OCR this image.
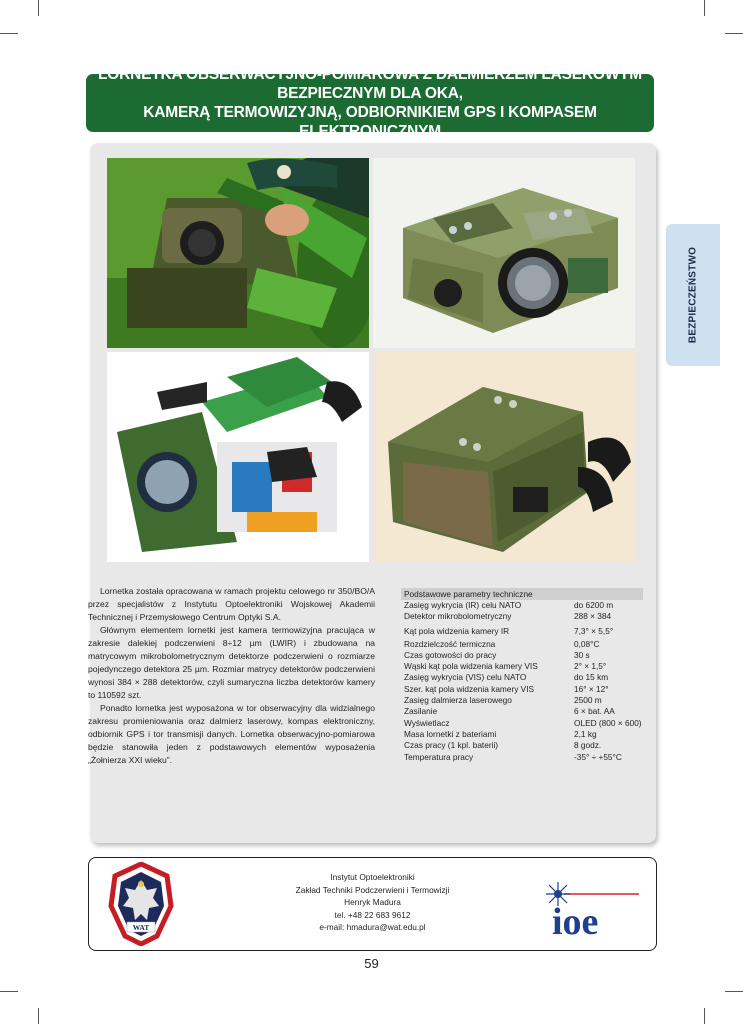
LORNETKA OBSERWACYJNO-POMIAROWA Z DALMIERZEM LASEROWYM BEZPIECZNYM DLA OKA,
KAMERĄ TERMOWIZYJNĄ, ODBIORNIKIEM GPS I KOMPASEM ELEKTRONICZNYM
BEZPIECZEŃSTWO

Lornetka została opracowana w ramach projektu celowego nr 350/BO/A przez specjalistów z Instytutu Optoelektroniki Wojskowej Akademii Technicznej i Przemysłowego Centrum Optyki S.A.

Głównym elementem lornetki jest kamera termowizyjna pracująca w zakresie dalekiej podczerwieni 8÷12 µm (LWIR) i zbudowana na matrycowym mikrobolometrycznym detektorze podczerwieni o rozmiarze pojedynczego detektora 25 µm. Rozmiar matrycy detektorów podczerwieni wynosi 384 × 288 detektorów, czyli sumaryczna liczba detektorów kamery to 110592 szt.

Ponadto lornetka jest wyposażona w tor obserwacyjny dla widzialnego zakresu promieniowania oraz dalmierz laserowy, kompas elektroniczny, odbiornik GPS i tor transmisji danych. Lornetka obserwacyjno-pomiarowa będzie stanowiła jeden z podstawowych elementów wyposażenia „Żołnierza XXI wieku”.

Podstawowe parametry techniczne
Zasięg wykrycia (IR) celu NATO	do 6200 m
Detektor mikrobolometryczny	288 × 384
Kąt pola widzenia kamery IR	7,3° × 5,5°
Rozdzielczość termiczna	0,08°C
Czas gotowości do pracy	30 s
Wąski kąt pola widzenia kamery VIS	2° × 1,5°
Zasięg wykrycia (VIS) celu NATO	do 15 km
Szer. kąt pola widzenia kamery VIS	16° × 12°
Zasięg dalmierza laserowego	2500 m
Zasilanie	6 × bat. AA
Wyświetlacz	OLED (800 × 600)
Masa lornetki z bateriami	2,1 kg
Czas pracy (1 kpl. baterii)	8 godz.
Temperatura pracy	-35° ÷ +55°C
WAT
Instytut Optoelektroniki
Zakład Techniki Podczerwieni i Termowizji
Henryk Madura
tel. +48 22 683 9612
e-mail: hmadura@wat.edu.pl	ioe
59
